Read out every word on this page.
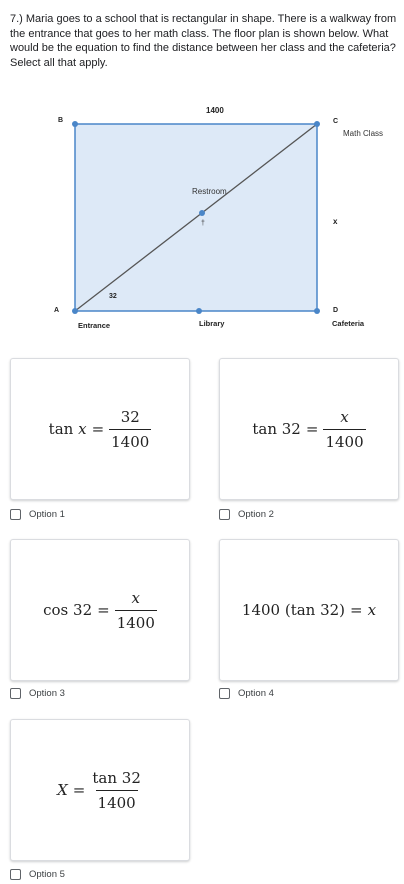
7.) Maria goes to a school that is rectangular in shape. There is a walkway from the entrance that goes to her math class. The floor plan is shown below. What would be the equation to find the distance between her class and the cafeteria? Select all that apply.
1400
x
32
A
B	C
D
Math Class
Restroom
†
Entrance	Library	Cafeteria
$\tan x = \frac{32}{1400}$
Option 1
$\tan 32 = \frac{x}{1400}$
Option 2
$\cos 32 = \frac{x}{1400}$
Option 3
1400 (tan 32) = x
Option 4
$X = \frac{\tan 32}{1400}$
Option 5
